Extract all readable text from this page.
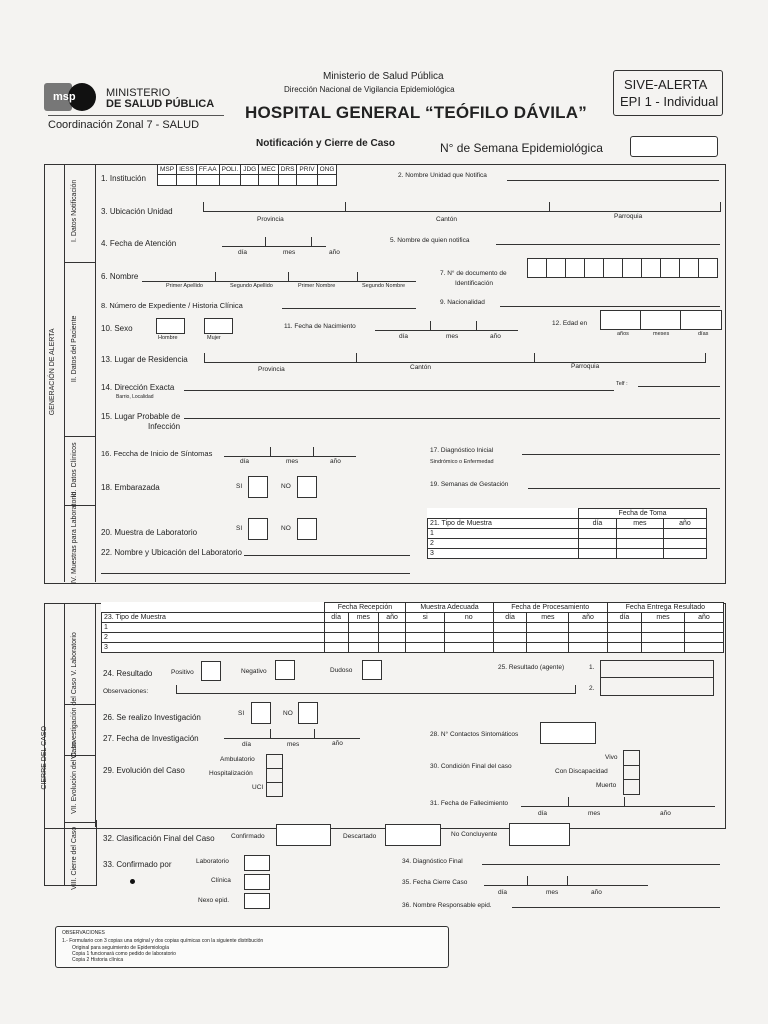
msp	MINISTERIO
DE SALUD PÚBLICA
Coordinación Zonal 7 - SALUD
Ministerio de Salud Pública
Dirección Nacional de Vigilancia Epidemiológica
HOSPITAL GENERAL “TEÓFILO DÁVILA”
Notificación y Cierre de Caso	N° de Semana Epidemiológica
SIVE-ALERTA
EPI 1 - Individual
GENERACIÓN DE ALERTA
I. Datos Notificación
II. Datos del Paciente
III. Datos Clínicos
IV. Muestras para Laboratorio
1. Institución
MSP	IESS	FF.AA	POLI.	JDG	MEC	DRS	PRIV	ONG

2. Nombre Unidad que Notifica
3. Ubicación Unidad
Provincia	Cantón	Parroquia
4. Fecha de Atención
día	mes	año
5. Nombre de quien notifica
6. Nombre
Primer Apellido	Segundo Apellido	Primer Nombre	Segundo Nombre
7. N° de documento de
Identificación
8. Número de Expediente / Historia Clínica	9. Nacionalidad
10. Sexo
Hombre	Mujer
11. Fecha de Nacimiento
día	mes	año
12. Edad en
años	meses	días
13. Lugar de Residencia
Provincia	Cantón	Parroquia
14. Dirección Exacta
Barrio, Localidad
Telf :
15. Lugar Probable de
Infección
16. Feccha de Inicio de Síntomas
día	mes	año
17. Diagnóstico Inicial
Sindrómico o Enfermedad
18. Embarazada	SI	NO	19. Semanas de Gestación
20. Muestra de Laboratorio	SI	NO
22. Nombre y Ubicación del Laboratorio
	Fecha de Toma		
21. Tipo de Muestra	día	mes	año
1			
2			
3			
CIERRE DEL CASO
V. Laboratorio
VI. Investigación del Caso
VII. Evolución del Caso
VIII. Cierre del Caso
	Fecha Recepción			Muestra Adecuada		Fecha de Procesamiento			Fecha Entrega Resultado		
23. Tipo de Muestra	día	mes	año	si	no	día	mes	año	día	mes	año
1											
2											
3											
24. Resultado	Positivo	Negativo	Dudoso	25. Resultado (agente)	1.
2.
Observaciones:
26. Se realizo Investigación	SI	NO
27. Fecha de Investigación
día	mes	año
28. N° Contactos Sintomáticos
29. Evolución del Caso
Ambulatorio
Hospitalización
UCI
30. Condición Final del caso
Vivo
Con Discapacidad
Muerto
31. Fecha de Fallecimiento
día	mes	año
32. Clasificación Final del Caso	Confirmado	Descartado	No Concluyente
33. Confirmado por	Laboratorio
Clínica
Nexo epid.
34. Diagnóstico Final
35. Fecha Cierre Caso
día	mes	año
36. Nombre Responsable epid.
OBSERVACIONES
1.- Formulario con 3 copias una original y dos copias químicas con la siguiente distribución
Original para seguimiento de Epidemiología
Copia 1 funcionará como pedido de laboratorio
Copia 2 Historia clínica
